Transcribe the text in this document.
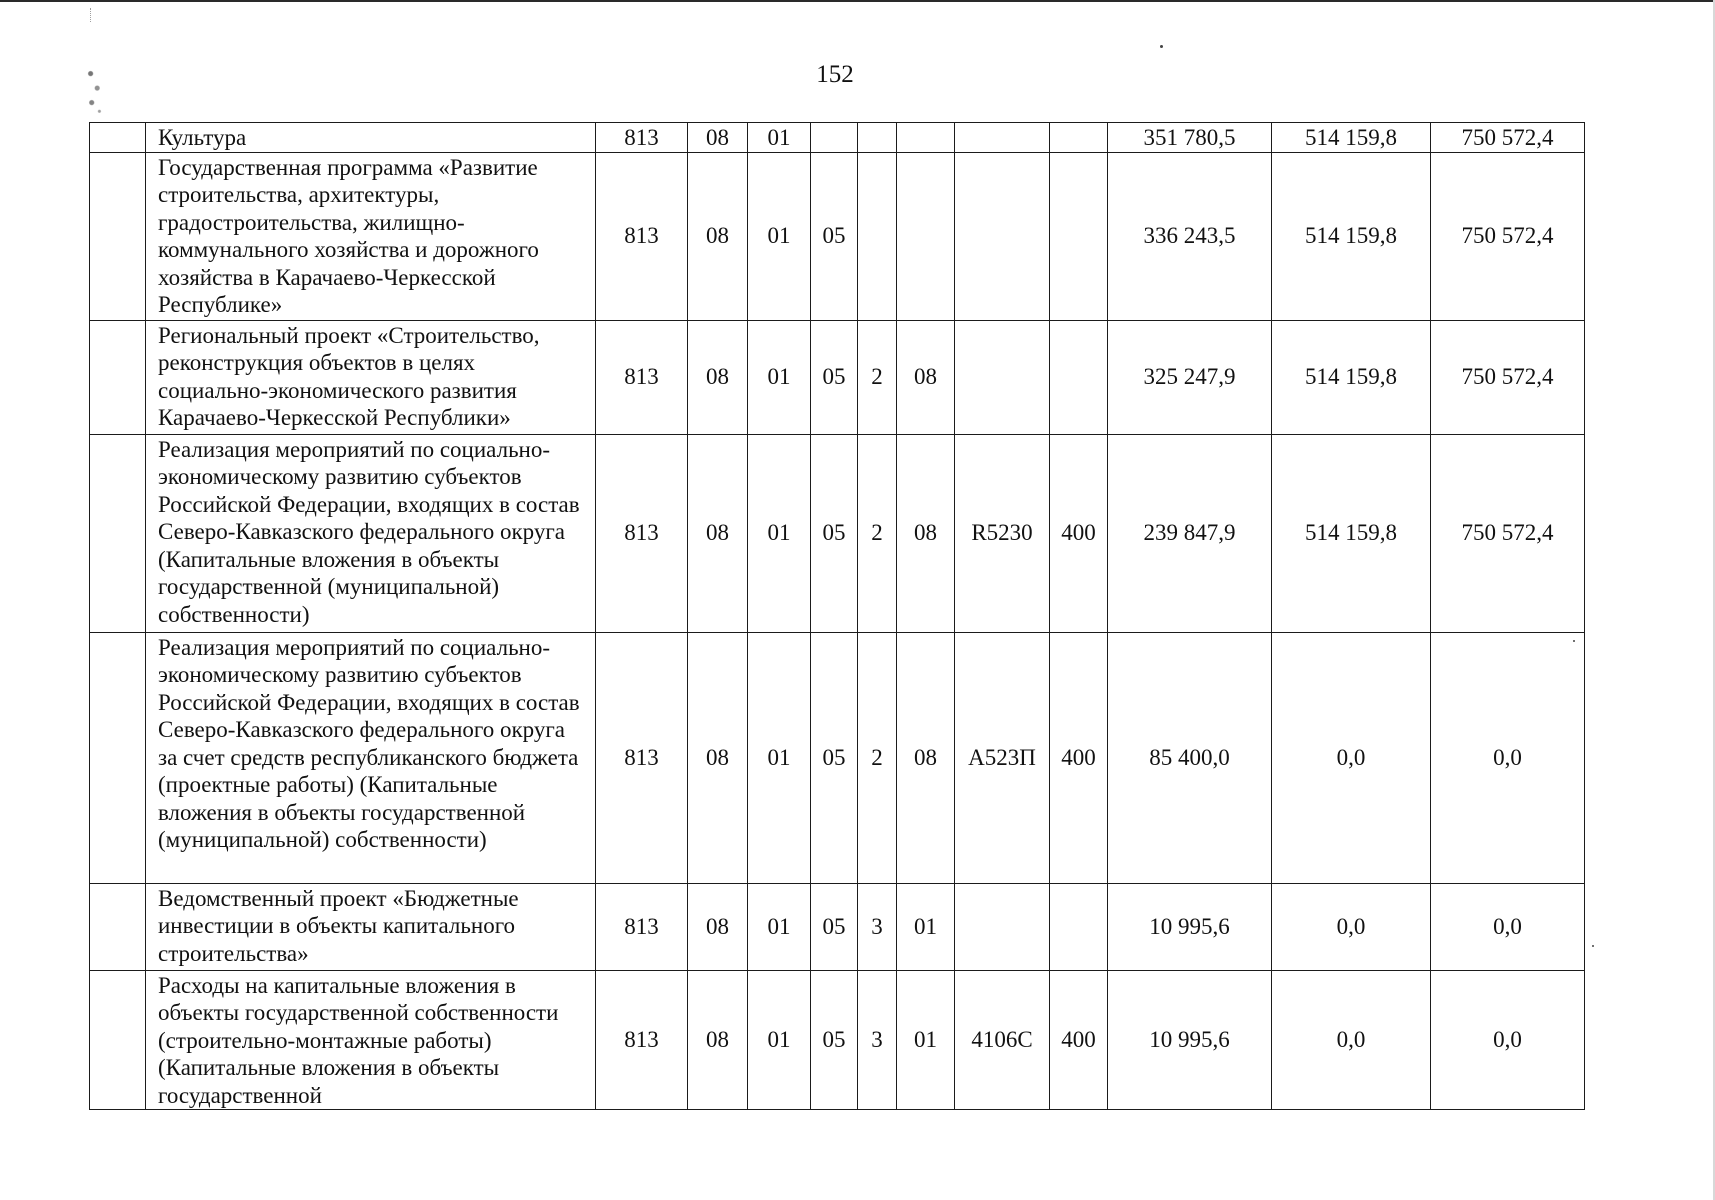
152
	Культура	813	08	01						351 780,5	514 159,8	750 572,4
	Государственная программа «Развитие строительства, архитектуры, градостроительства, жилищно-коммунального хозяйства и дорожного хозяйства в Карачаево-Черкесской Республике»	813	08	01	05					336 243,5	514 159,8	750 572,4
	Региональный проект «Строительство, реконструкция объектов в целях социально-экономического развития Карачаево-Черкесской Республики»	813	08	01	05	2	08			325 247,9	514 159,8	750 572,4
	Реализация мероприятий по социально-экономическому развитию субъектов Российской Федерации, входящих в состав Северо-Кавказского федерального округа (Капитальные вложения в объекты государственной (муниципальной) собственности)	813	08	01	05	2	08	R5230	400	239 847,9	514 159,8	750 572,4
	Реализация мероприятий по социально-экономическому развитию субъектов Российской Федерации, входящих в состав Северо-Кавказского федерального округа за счет средств республиканского бюджета (проектные работы) (Капитальные вложения в объекты государственной (муниципальной) собственности)	813	08	01	05	2	08	А523П	400	85 400,0	0,0	0,0
	Ведомственный проект «Бюджетные инвестиции в объекты капитального строительства»	813	08	01	05	3	01			10 995,6	0,0	0,0
	Расходы на капитальные вложения в объекты государственной собственности (строительно-монтажные работы) (Капитальные вложения в объекты государственной	813	08	01	05	3	01	4106С	400	10 995,6	0,0	0,0
